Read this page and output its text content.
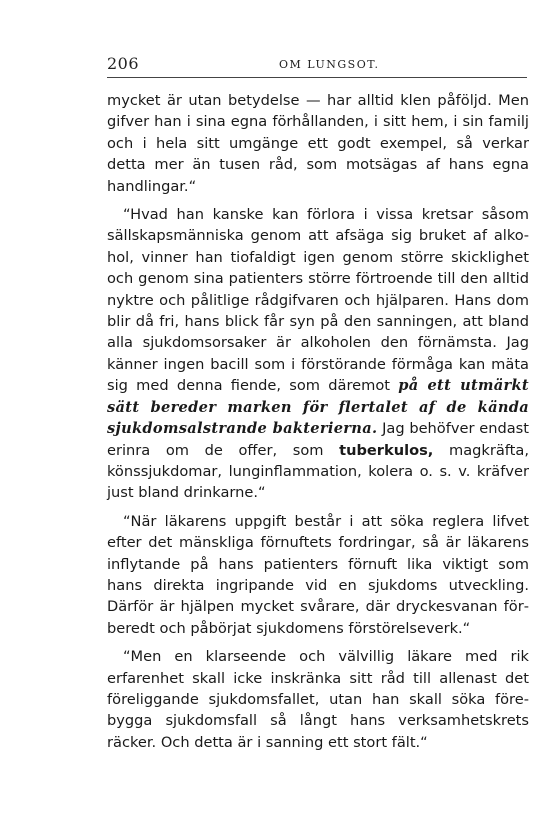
206	OM LUNGSOT.

mycket är utan betydelse — har alltid klen påföljd. Men gifver han i sina egna förhållanden, i sitt hem, i sin familj och i hela sitt umgänge ett godt exempel, så verkar detta mer än tusen råd, som motsägas af hans egna handlingar.“

“Hvad han kanske kan förlora i vissa kretsar såsom sällskapsmänniska genom att afsäga sig bruket af alkohol, vinner han tiofaldigt igen genom större skicklighet och genom sina patienters större förtroende till den alltid nyktre och pålitlige rådgifvaren och hjälparen. Hans dom blir då fri, hans blick får syn på den sanningen, att bland alla sjukdomsorsaker är alkoholen den förnämsta. Jag känner ingen bacill som i förstörande förmåga kan mäta sig med denna fiende, som däremot på ett utmärkt sätt bereder marken för flertalet af de kända sjukdomsalstrande bakterierna. Jag behöfver endast erinra om de offer, som tuberkulos, magkräfta, könssjukdomar, lunginflammation, kolera o. s. v. kräfver just bland drinkarne.“

“När läkarens uppgift består i att söka reglera lifvet efter det mänskliga förnuftets fordringar, så är läkarens inflytande på hans patienters förnuft lika viktigt som hans direkta ingripande vid en sjukdoms utveckling. Därför är hjälpen mycket svårare, där dryckesvanan förberedt och påbörjat sjukdomens förstörelseverk.“

“Men en klarseende och välvillig läkare med rik erfarenhet skall icke inskränka sitt råd till allenast det föreliggande sjukdomsfallet, utan han skall söka förebygga sjukdomsfall så långt hans verksamhetskrets räcker. Och detta är i sanning ett stort fält.“
